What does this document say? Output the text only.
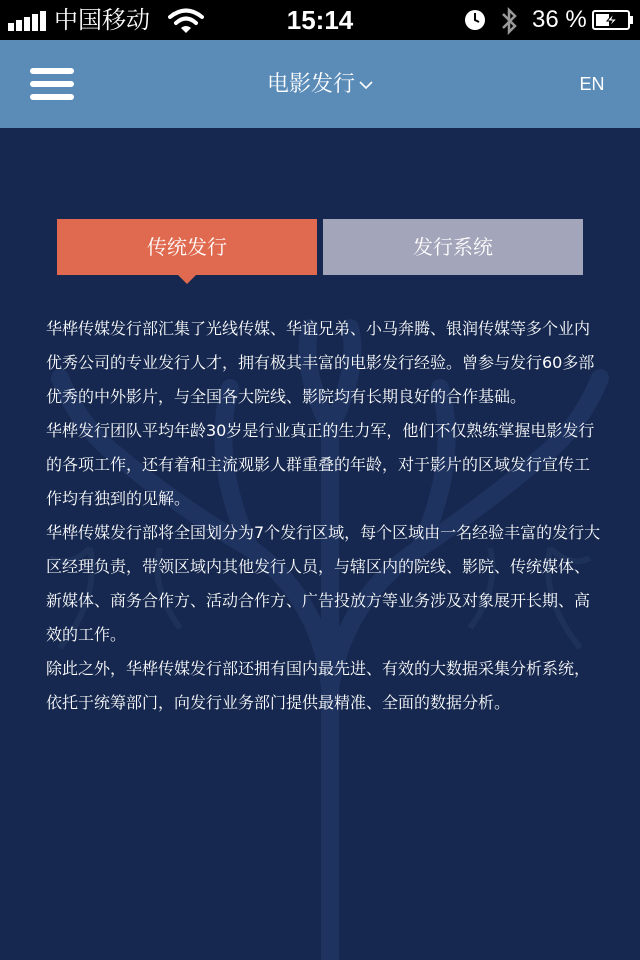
中国移动	15:14	36 %
电影发行	EN
传统发行	发行系统

华桦传媒发行部汇集了光线传媒、华谊兄弟、小马奔腾、银润传媒等多个业内优秀公司的专业发行人才，拥有极其丰富的电影发行经验。曾参与发行60多部优秀的中外影片，与全国各大院线、影院均有长期良好的合作基础。

华桦发行团队平均年龄30岁是行业真正的生力军，他们不仅熟练掌握电影发行的各项工作，还有着和主流观影人群重叠的年龄，对于影片的区域发行宣传工作均有独到的见解。

华桦传媒发行部将全国划分为7个发行区域，每个区域由一名经验丰富的发行大区经理负责，带领区域内其他发行人员，与辖区内的院线、影院、传统媒体、新媒体、商务合作方、活动合作方、广告投放方等业务涉及对象展开长期、高效的工作。

除此之外，华桦传媒发行部还拥有国内最先进、有效的大数据采集分析系统，依托于统筹部门，向发行业务部门提供最精准、全面的数据分析。
